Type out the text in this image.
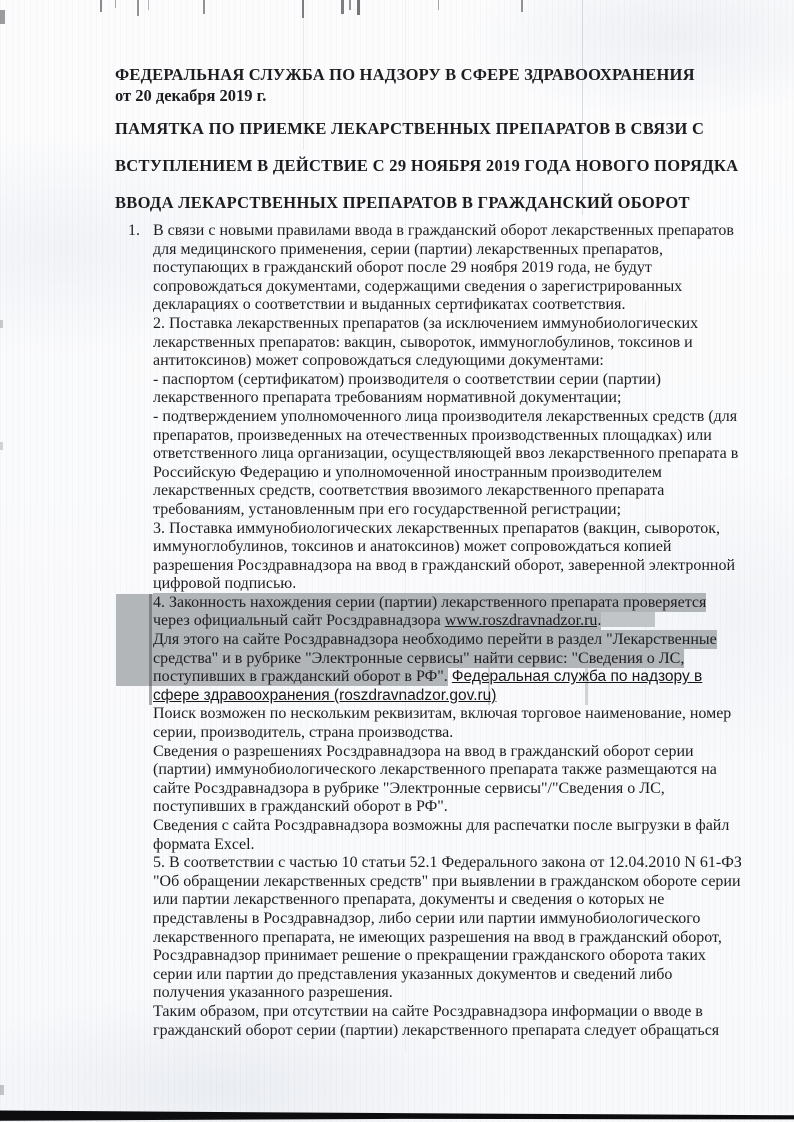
ФЕДЕРАЛЬНАЯ СЛУЖБА ПО НАДЗОРУ В СФЕРЕ ЗДРАВООХРАНЕНИЯ
от 20 декабря 2019 г.
ПАМЯТКА ПО ПРИЕМКЕ ЛЕКАРСТВЕННЫХ ПРЕПАРАТОВ В СВЯЗИ С
ВСТУПЛЕНИЕМ В ДЕЙСТВИЕ С 29 НОЯБРЯ 2019 ГОДА НОВОГО ПОРЯДКА
ВВОДА ЛЕКАРСТВЕННЫХ ПРЕПАРАТОВ В ГРАЖДАНСКИЙ ОБОРОТ
1. В связи с новыми правилами ввода в гражданский оборот лекарственных препаратов для медицинского применения, серии (партии) лекарственных препаратов, поступающих в гражданский оборот после 29 ноября 2019 года, не будут сопровождаться документами, содержащими сведения о зарегистрированных декларациях о соответствии и выданных сертификатах соответствия.
2. Поставка лекарственных препаратов (за исключением иммунобиологических лекарственных препаратов: вакцин, сывороток, иммуноглобулинов, токсинов и антитоксинов) может сопровождаться следующими документами:
- паспортом (сертификатом) производителя о соответствии серии (партии) лекарственного препарата требованиям нормативной документации;
- подтверждением уполномоченного лица производителя лекарственных средств (для препаратов, произведенных на отечественных производственных площадках) или ответственного лица организации, осуществляющей ввоз лекарственного препарата в Российскую Федерацию и уполномоченной иностранным производителем лекарственных средств, соответствия ввозимого лекарственного препарата требованиям, установленным при его государственной регистрации;
3. Поставка иммунобиологических лекарственных препаратов (вакцин, сывороток, иммуноглобулинов, токсинов и анатоксинов) может сопровождаться копией разрешения Росздравнадзора на ввод в гражданский оборот, заверенной электронной цифровой подписью.
4. Законность нахождения серии (партии) лекарственного препарата проверяется через официальный сайт Росздравнадзора www.roszdravnadzor.ru.
Для этого на сайте Росздравнадзора необходимо перейти в раздел "Лекарственные средства" и в рубрике "Электронные сервисы" найти сервис: "Сведения о ЛС, поступивших в гражданский оборот в РФ". Федеральная служба по надзору в сфере здравоохранения (roszdravnadzor.gov.ru)
Поиск возможен по нескольким реквизитам, включая торговое наименование, номер серии, производитель, страна производства.
Сведения о разрешениях Росздравнадзора на ввод в гражданский оборот серии (партии) иммунобиологического лекарственного препарата также размещаются на сайте Росздравнадзора в рубрике "Электронные сервисы"/"Сведения о ЛС, поступивших в гражданский оборот в РФ".
Сведения с сайта Росздравнадзора возможны для распечатки после выгрузки в файл формата Excel.
5. В соответствии с частью 10 статьи 52.1 Федерального закона от 12.04.2010 N 61-ФЗ "Об обращении лекарственных средств" при выявлении в гражданском обороте серии или партии лекарственного препарата, документы и сведения о которых не представлены в Росздравнадзор, либо серии или партии иммунобиологического лекарственного препарата, не имеющих разрешения на ввод в гражданский оборот, Росздравнадзор принимает решение о прекращении гражданского оборота таких серии или партии до представления указанных документов и сведений либо получения указанного разрешения.
Таким образом, при отсутствии на сайте Росздравнадзора информации о вводе в гражданский оборот серии (партии) лекарственного препарата следует обращаться
